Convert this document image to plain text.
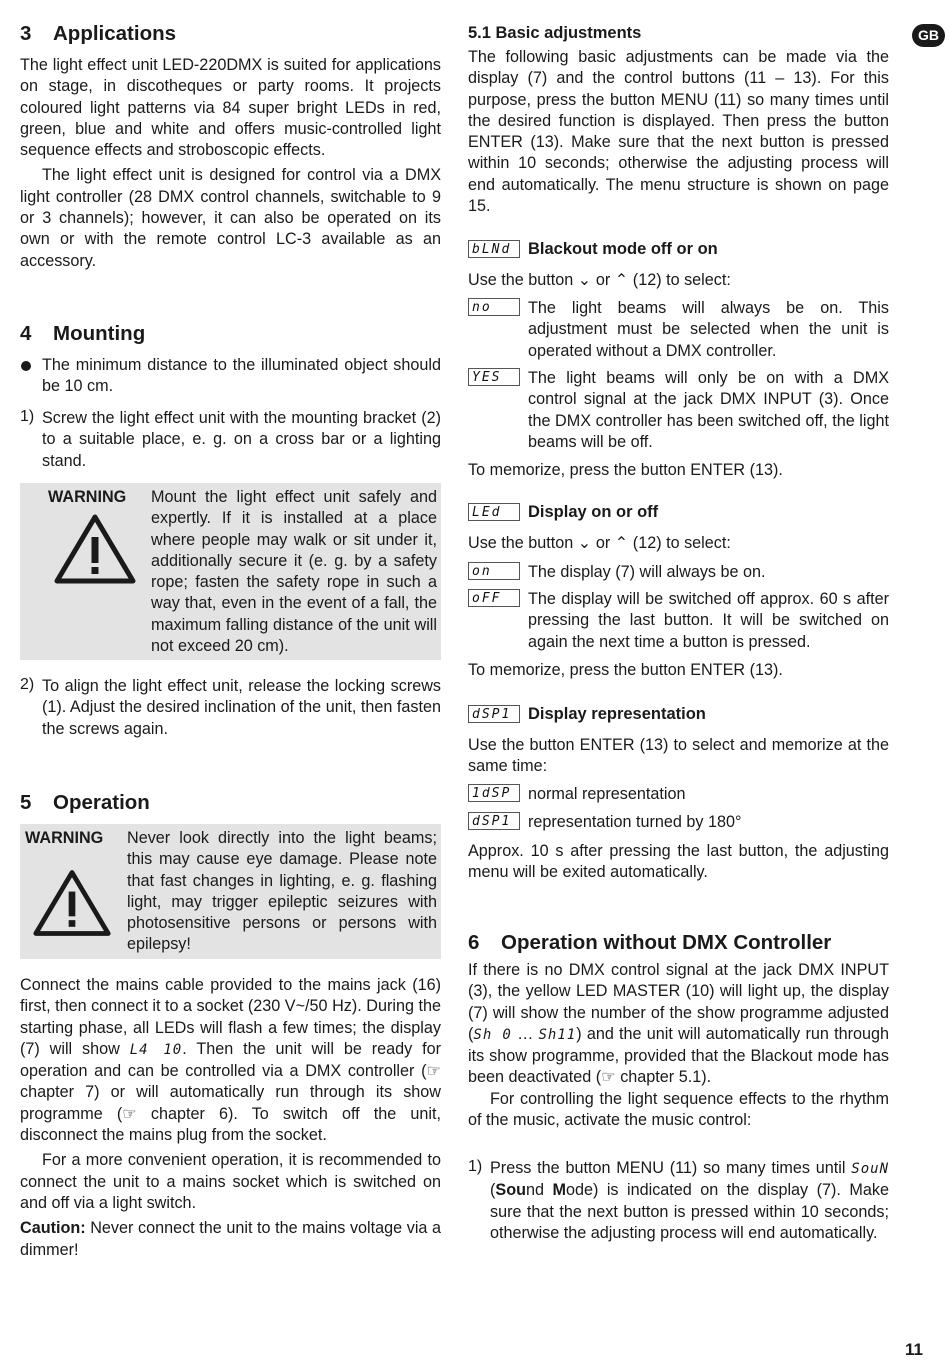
GB
3 Applications

The light effect unit LED-220DMX is suited for applications on stage, in discotheques or party rooms. It projects coloured light patterns via 84 super bright LEDs in red, green, blue and white and offers music-controlled light sequence effects and stroboscopic effects.

The light effect unit is designed for control via a DMX light controller (28 DMX control channels, switchable to 9 or 3 channels); however, it can also be operated on its own or with the remote control LC-3 available as an accessory.

4 Mounting

The minimum distance to the illuminated object should be 10 cm.

1) Screw the light effect unit with the mounting bracket (2) to a suitable place, e. g. on a cross bar or a lighting stand.

WARNING Mount the light effect unit safely and expertly. If it is installed at a place where people may walk or sit under it, additionally secure it (e. g. by a safety rope; fasten the safety rope in such a way that, even in the event of a fall, the maximum falling distance of the unit will not exceed 20 cm).
2) To align the light effect unit, release the locking screws (1). Adjust the desired inclination of the unit, then fasten the screws again.

5 Operation
WARNING Never look directly into the light beams; this may cause eye damage. Please note that fast changes in lighting, e. g. flashing light, may trigger epileptic seizures with photosensitive persons or persons with epilepsy!

Connect the mains cable provided to the mains jack (16) first, then connect it to a socket (230 V~/50 Hz). During the starting phase, all LEDs will flash a few times; the display (7) will show L4 10. Then the unit will be ready for operation and can be controlled via a DMX controller (☞ chapter 7) or will automatically run through its show programme (☞ chapter 6). To switch off the unit, disconnect the mains plug from the socket.

For a more convenient operation, it is recommended to connect the unit to a mains socket which is switched on and off via a light switch.

Caution: Never connect the unit to the mains voltage via a dimmer!

5.1 Basic adjustments

The following basic adjustments can be made via the display (7) and the control buttons (11 – 13). For this purpose, press the button MENU (11) so many times until the desired function is displayed. Then press the button ENTER (13). Make sure that the next button is pressed within 10 seconds; otherwise the adjusting process will end automatically. The menu structure is shown on page 15.

bLNd	Blackout mode off or on

Use the button ⌄ or ⌃ (12) to select:

no	The light beams will always be on. This adjustment must be selected when the unit is operated without a DMX controller.
YES	The light beams will only be on with a DMX control signal at the jack DMX INPUT (3). Once the DMX controller has been switched off, the light beams will be off.

To memorize, press the button ENTER (13).

LEd	Display on or off

Use the button ⌄ or ⌃ (12) to select:

on	The display (7) will always be on.
oFF	The display will be switched off approx. 60 s after pressing the last button. It will be switched on again the next time a button is pressed.

To memorize, press the button ENTER (13).

dSP1	Display representation

Use the button ENTER (13) to select and memorize at the same time:

1dSP	normal representation
dSP1	representation turned by 180°

Approx. 10 s after pressing the last button, the adjusting menu will be exited automatically.

6 Operation without DMX Controller

If there is no DMX control signal at the jack DMX INPUT (3), the yellow LED MASTER (10) will light up, the display (7) will show the number of the show programme adjusted (Sh 0 … Sh11) and the unit will automatically run through its show programme, provided that the Blackout mode has been deactivated (☞ chapter 5.1).

For controlling the light sequence effects to the rhythm of the music, activate the music control:

1) Press the button MENU (11) so many times until SouN (Sound Mode) is indicated on the display (7). Make sure that the next button is pressed within 10 seconds; otherwise the adjusting process will end automatically.

11
